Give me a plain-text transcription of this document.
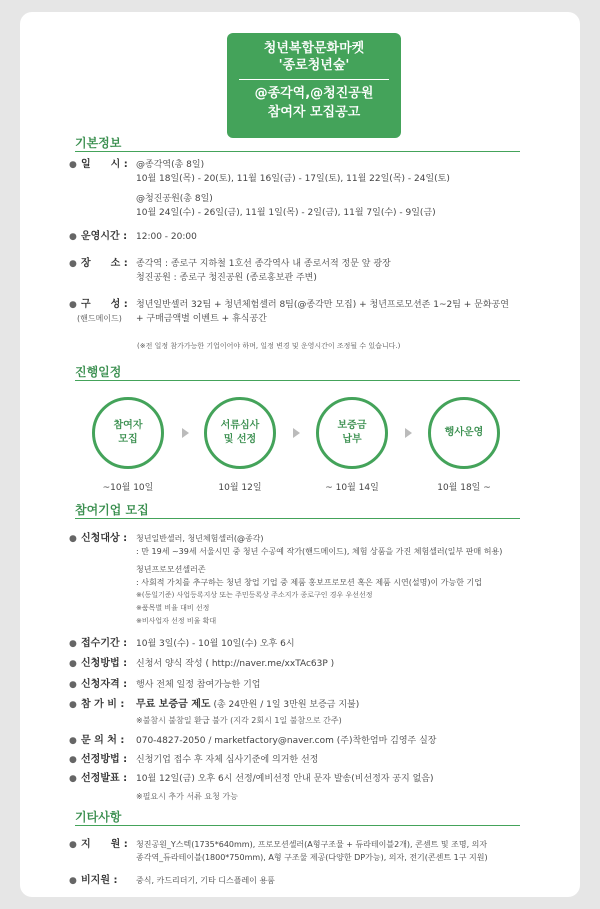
청년복합문화마켓
'종로청년숲'
@종각역,@청진공원
참여자 모집공고
기본정보
● 일　　시 : @종각역(총 8일)
10월 18일(목) - 20(토), 11월 16일(금) - 17일(토), 11월 22일(목) - 24일(토)
@청진공원(총 8일)
10월 24일(수) - 26일(금), 11월 1일(목) - 2일(금), 11월 7일(수) - 9일(금)
● 운영시간 : 12:00 - 20:00
● 장　　소 : 종각역 : 종로구 지하철 1호선 종각역사 내 종로서적 정문 앞 광장
청진공원 : 종로구 청진공원 (종로홍보관 주변)
● 구　　성 :
(핸드메이드)
청년일반셀러 32팀 + 청년체험셀러 8팀(@종각만 모집) + 청년프로모션존 1~2팀 + 문화공연
+ 구매금액별 이벤트 + 휴식공간
(※전 일정 참가가능한 기업이어야 하며, 일정 변경 및 운영시간이 조정될 수 있습니다.)
진행일정
참여자
모집
서류심사
및 선정
보증금
납부
행사운영
~10월 10일	10월 12일	~ 10월 14일	10월 18일 ~
참여기업 모집
● 신청대상 : 청년일반셀러, 청년체험셀러(@종각)
: 만 19세 ~39세 서울시민 중 청년 수공예 작가(핸드메이드), 체험 상품을 가진 체험셀러(일부 판매 허용)
청년프로모션셀러존
: 사회적 가치를 추구하는 청년 창업 기업 중 제품 홍보프로모션 혹은 제품 시연(설명)이 가능한 기업
※(동일기준) 사업등록지상 또는 주민등록상 주소지가 종로구인 경우 우선선정
※품목별 비율 대비 선정
※비사업자 선정 비율 확대
● 접수기간 : 10월 3일(수) - 10월 10일(수) 오후 6시
● 신청방법 : 신청서 양식 작성 ( http://naver.me/xxTAc63P )
● 신청자격 : 행사 전체 일정 참여가능한 기업
● 참 가 비 : 무료 보증금 제도 (총 24만원 / 1일 3만원 보증금 지불)
※불참시 불참일 환급 불가 (지각 2회시 1일 불참으로 간주)
● 문 의 처 : 070-4827-2050 / marketfactory@naver.com (주)착한엄마 김영주 실장
● 선정방법 : 신청기업 접수 후 자체 심사기준에 의거한 선정
● 선정발표 : 10월 12일(금) 오후 6시 선정/예비선정 안내 문자 발송(비선정자 공지 없음)
※필요시 추가 서류 요청 가능
기타사항
● 지　　원 : 청진공원_Y스텍(1735*640mm), 프로모션셀러(A형구조물 + 듀라테이블2개), 콘센트 및 조명, 의자
종각역_듀라테이블(1800*750mm), A형 구조물 제공(다양한 DP가능), 의자, 전기(콘센트 1구 지원)
● 비지원 : 중식, 카드리더기, 기타 디스플레이 용품
